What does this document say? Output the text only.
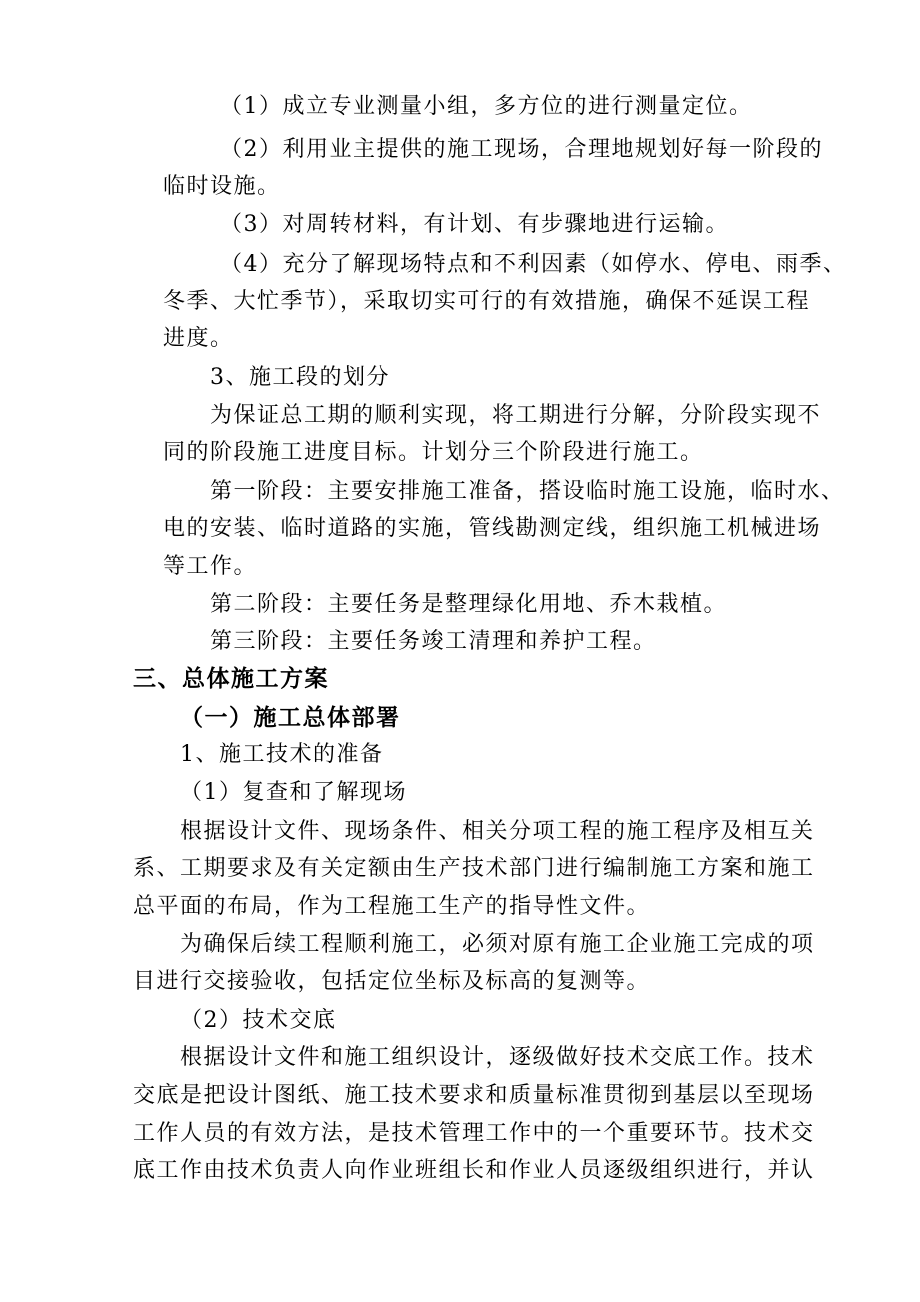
（1）成立专业测量小组，多方位的进行测量定位。
（2）利用业主提供的施工现场，合理地规划好每一阶段的
临时设施。
（3）对周转材料，有计划、有步骤地进行运输。
（4）充分了解现场特点和不利因素（如停水、停电、雨季、
冬季、大忙季节），采取切实可行的有效措施，确保不延误工程
进度。
3、施工段的划分
为保证总工期的顺利实现，将工期进行分解，分阶段实现不
同的阶段施工进度目标。计划分三个阶段进行施工。
第一阶段：主要安排施工准备，搭设临时施工设施，临时水、
电的安装、临时道路的实施，管线勘测定线，组织施工机械进场
等工作。
第二阶段：主要任务是整理绿化用地、乔木栽植。
第三阶段：主要任务竣工清理和养护工程。
三、总体施工方案
（一）施工总体部署
1、施工技术的准备
（1）复查和了解现场
根据设计文件、现场条件、相关分项工程的施工程序及相互关
系、工期要求及有关定额由生产技术部门进行编制施工方案和施工
总平面的布局，作为工程施工生产的指导性文件。
为确保后续工程顺利施工，必须对原有施工企业施工完成的项
目进行交接验收，包括定位坐标及标高的复测等。
（2）技术交底
根据设计文件和施工组织设计，逐级做好技术交底工作。技术
交底是把设计图纸、施工技术要求和质量标准贯彻到基层以至现场
工作人员的有效方法，是技术管理工作中的一个重要环节。技术交
底工作由技术负责人向作业班组长和作业人员逐级组织进行，并认
